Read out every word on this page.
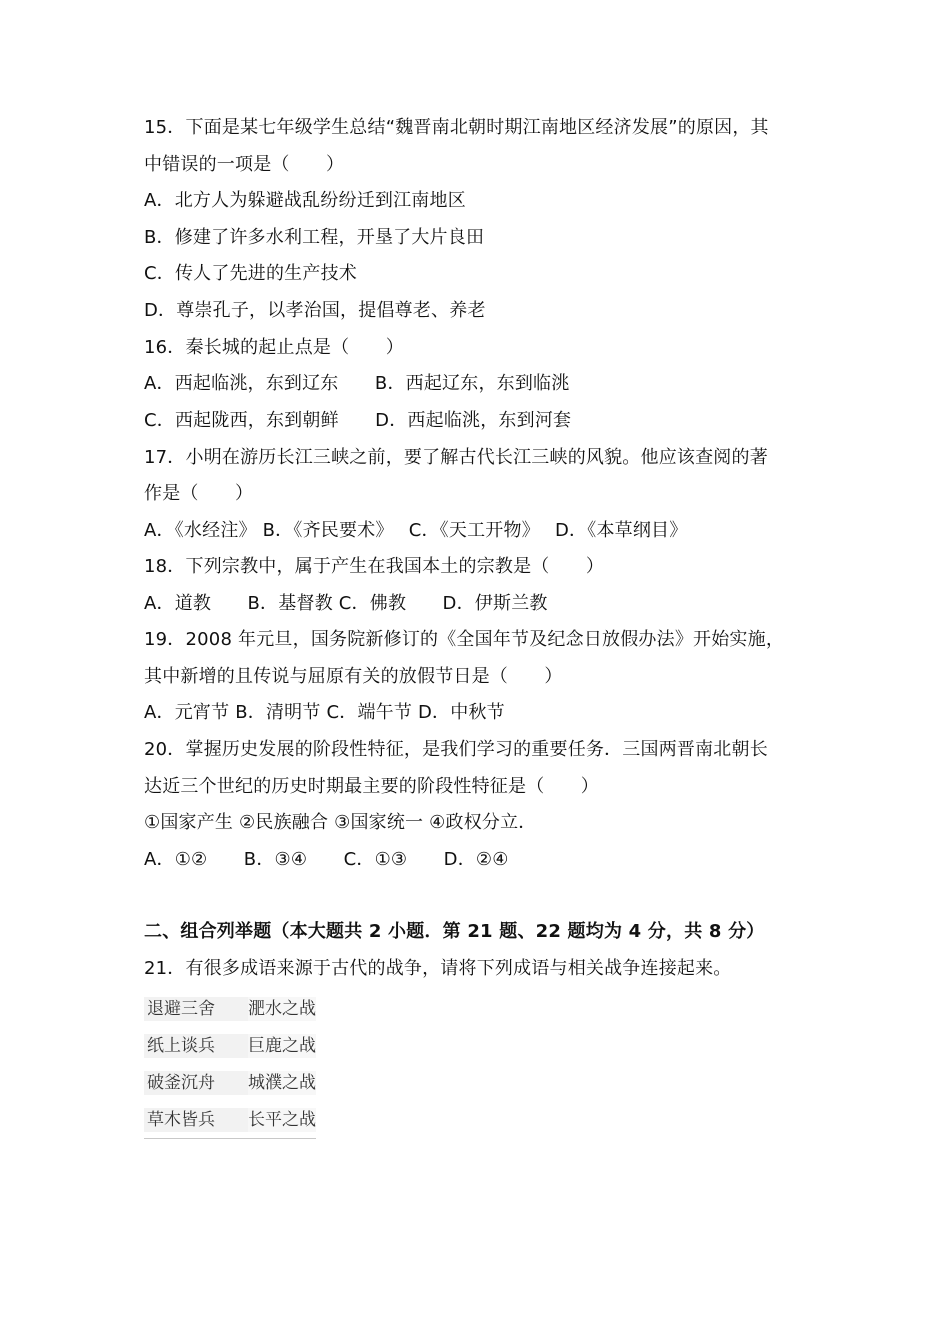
15．下面是某七年级学生总结“魏晋南北朝时期江南地区经济发展”的原因，其
中错误的一项是（　　）
A．北方人为躲避战乱纷纷迁到江南地区
B．修建了许多水利工程，开垦了大片良田
C．传人了先进的生产技术
D．尊崇孔子，以孝治国，提倡尊老、养老
16．秦长城的起止点是（　　）
A．西起临洮，东到辽东　　B．西起辽东，东到临洮
C．西起陇西，东到朝鲜　　D．西起临洮，东到河套
17．小明在游历长江三峡之前，要了解古代长江三峡的风貌。他应该查阅的著
作是（　　）
A．《水经注》 B．《齐民要术》　 C．《天工开物》　 D．《本草纲目》
18．下列宗教中，属于产生在我国本土的宗教是（　　）
A．道教　　B．基督教 C．佛教　　D．伊斯兰教
19．2008 年元旦，国务院新修订的《全国年节及纪念日放假办法》开始实施，
其中新增的且传说与屈原有关的放假节日是（　　）
A．元宵节 B．清明节 C．端午节 D．中秋节
20．掌握历史发展的阶段性特征，是我们学习的重要任务．三国两晋南北朝长
达近三个世纪的历史时期最主要的阶段性特征是（　　）
①国家产生 ②民族融合 ③国家统一 ④政权分立．
A．①②　　B．③④　　C．①③　　D．②④
二、组合列举题（本大题共 2 小题．第 21 题、22 题均为 4 分，共 8 分）
21．有很多成语来源于古代的战争，请将下列成语与相关战争连接起来。
退避三舍	淝水之战
纸上谈兵	巨鹿之战
破釜沉舟	城濮之战
草木皆兵	长平之战
